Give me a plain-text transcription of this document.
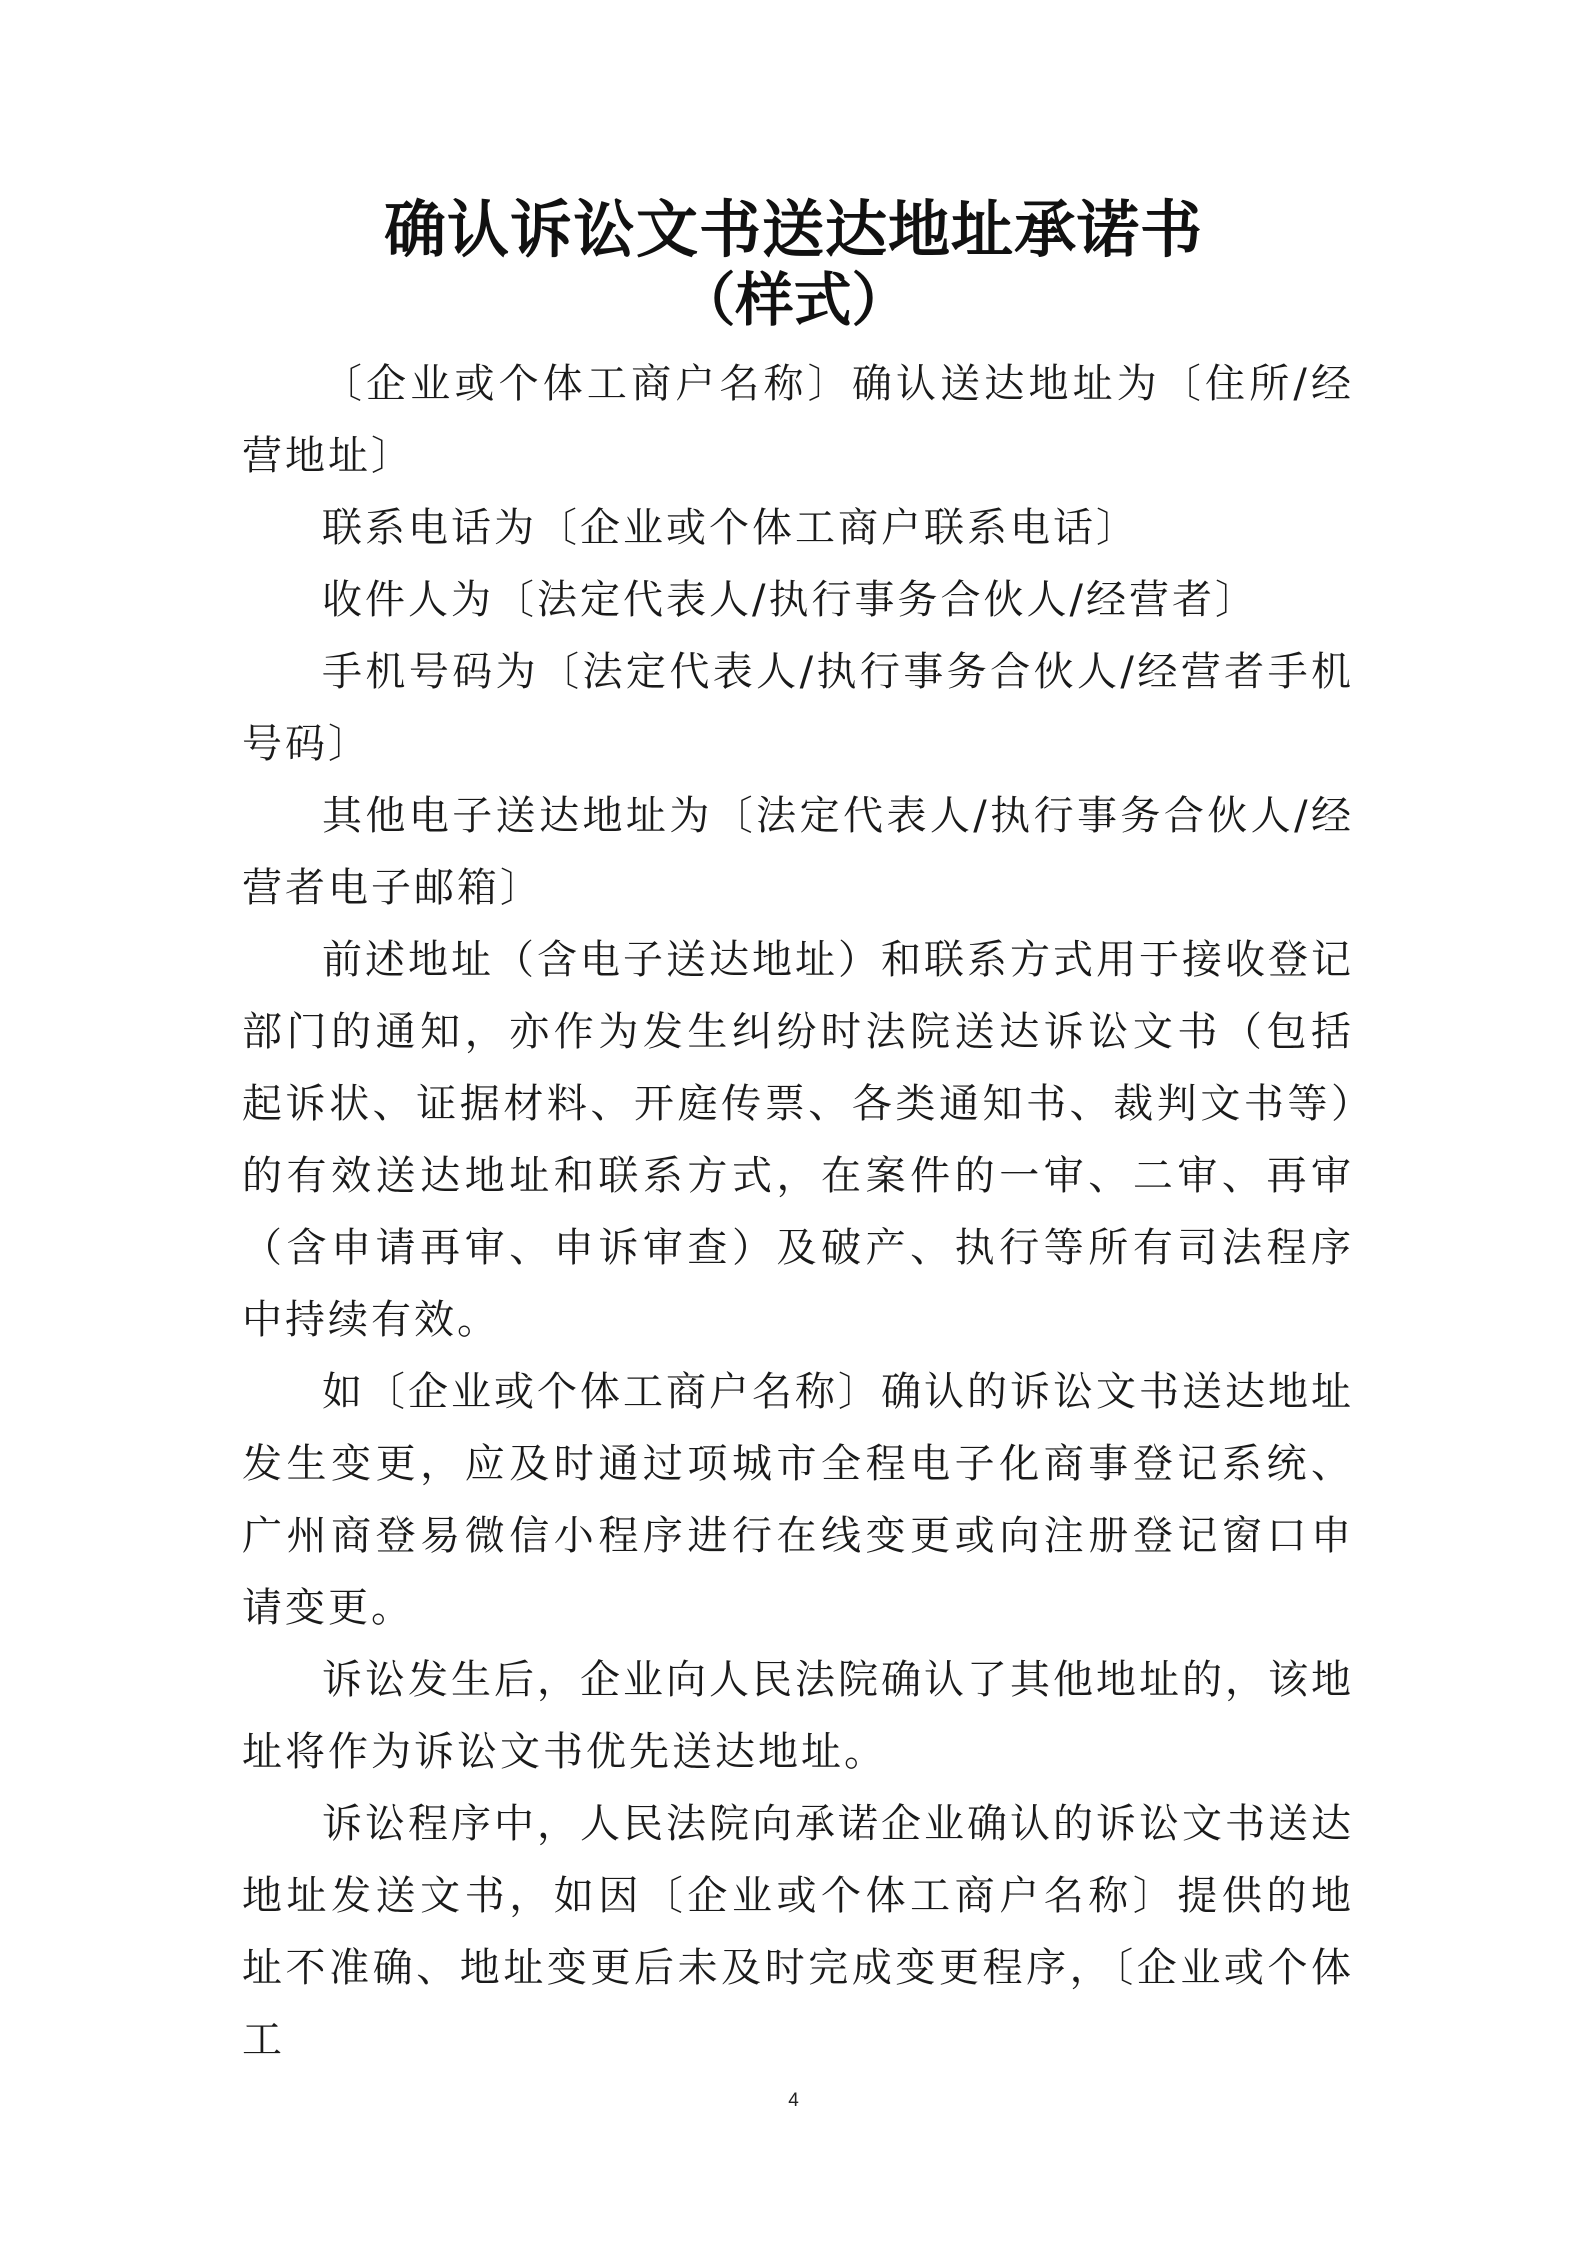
确认诉讼文书送达地址承诺书
（样式）

〔企业或个体工商户名称〕确认送达地址为〔住所/经营地址〕

联系电话为〔企业或个体工商户联系电话〕

收件人为〔法定代表人/执行事务合伙人/经营者〕

手机号码为〔法定代表人/执行事务合伙人/经营者手机号码〕

其他电子送达地址为〔法定代表人/执行事务合伙人/经营者电子邮箱〕

前述地址（含电子送达地址）和联系方式用于接收登记部门的通知，亦作为发生纠纷时法院送达诉讼文书（包括起诉状、证据材料、开庭传票、各类通知书、裁判文书等）的有效送达地址和联系方式，在案件的一审、二审、再审（含申请再审、申诉审查）及破产、执行等所有司法程序中持续有效。

如〔企业或个体工商户名称〕确认的诉讼文书送达地址发生变更，应及时通过项城市全程电子化商事登记系统、广州商登易微信小程序进行在线变更或向注册登记窗口申请变更。

诉讼发生后，企业向人民法院确认了其他地址的，该地址将作为诉讼文书优先送达地址。

诉讼程序中，人民法院向承诺企业确认的诉讼文书送达地址发送文书，如因〔企业或个体工商户名称〕提供的地址不准确、地址变更后未及时完成变更程序，〔企业或个体工

4
